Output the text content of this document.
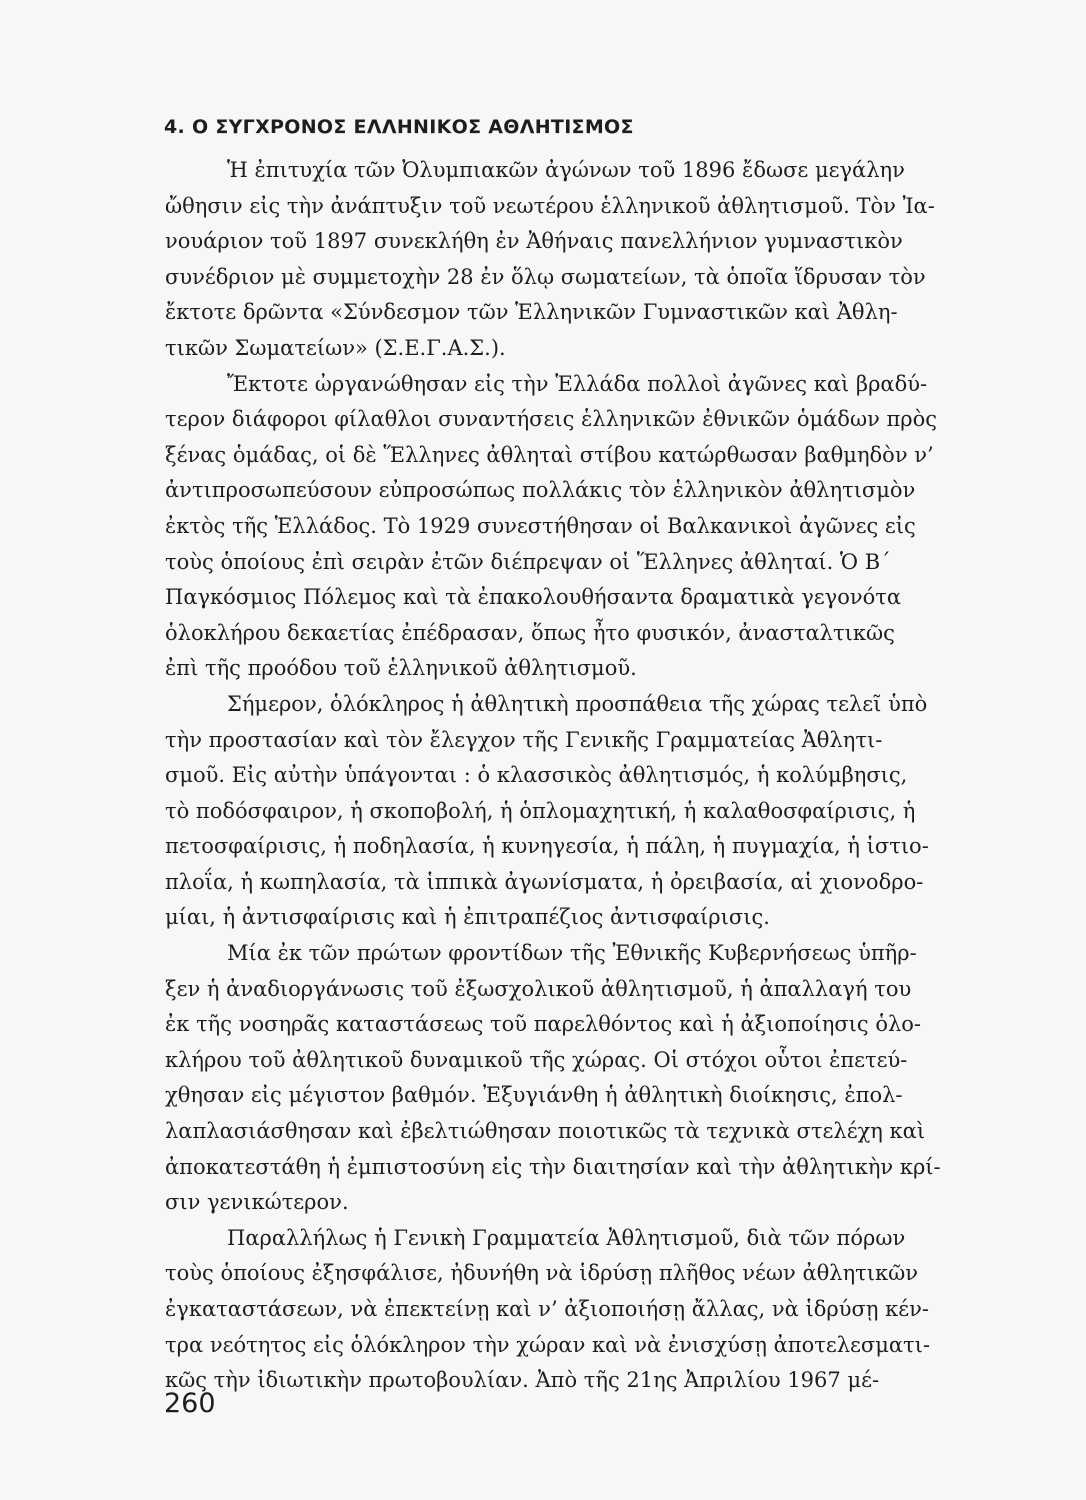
4. Ο ΣΥΓΧΡΟΝΟΣ ΕΛΛΗΝΙΚΟΣ ΑΘΛΗΤΙΣΜΟΣ
Ἡ ἐπιτυχία τῶν Ὀλυμπιακῶν ἀγώνων τοῦ 1896 ἔδωσε μεγάλην
ὤθησιν εἰς τὴν ἀνάπτυξιν τοῦ νεωτέρου ἑλληνικοῦ ἀθλητισμοῦ. Τὸν Ἰα-
νουάριον τοῦ 1897 συνεκλήθη ἐν Ἀθήναις πανελλήνιον γυμναστικὸν
συνέδριον μὲ συμμετοχὴν 28 ἐν ὅλῳ σωματείων, τὰ ὁποῖα ἵδρυσαν τὸν
ἔκτοτε δρῶντα «Σύνδεσμον τῶν Ἑλληνικῶν Γυμναστικῶν καὶ Ἀθλη-
τικῶν Σωματείων» (Σ.Ε.Γ.Α.Σ.).
Ἔκτοτε ὠργανώθησαν εἰς τὴν Ἑλλάδα πολλοὶ ἀγῶνες καὶ βραδύ-
τερον διάφοροι φίλαθλοι συναντήσεις ἑλληνικῶν ἐθνικῶν ὁμάδων πρὸς
ξένας ὁμάδας, οἱ δὲ Ἕλληνες ἀθληταὶ στίβου κατώρθωσαν βαθμηδὸν ν’
ἀντιπροσωπεύσουν εὐπροσώπως πολλάκις τὸν ἑλληνικὸν ἀθλητισμὸν
ἐκτὸς τῆς Ἑλλάδος. Τὸ 1929 συνεστήθησαν οἱ Βαλκανικοὶ ἀγῶνες εἰς
τοὺς ὁποίους ἐπὶ σειρὰν ἐτῶν διέπρεψαν οἱ Ἕλληνες ἀθληταί. Ὁ Β΄
Παγκόσμιος Πόλεμος καὶ τὰ ἐπακολουθήσαντα δραματικὰ γεγονότα
ὁλοκλήρου δεκαετίας ἐπέδρασαν, ὅπως ἦτο φυσικόν, ἀνασταλτικῶς
ἐπὶ τῆς προόδου τοῦ ἑλληνικοῦ ἀθλητισμοῦ.
Σήμερον, ὁλόκληρος ἡ ἀθλητικὴ προσπάθεια τῆς χώρας τελεῖ ὑπὸ
τὴν προστασίαν καὶ τὸν ἔλεγχον τῆς Γενικῆς Γραμματείας Ἀθλητι-
σμοῦ. Εἰς αὐτὴν ὑπάγονται : ὁ κλασσικὸς ἀθλητισμός, ἡ κολύμβησις,
τὸ ποδόσφαιρον, ἡ σκοποβολή, ἡ ὁπλομαχητική, ἡ καλαθοσφαίρισις, ἡ
πετοσφαίρισις, ἡ ποδηλασία, ἡ κυνηγεσία, ἡ πάλη, ἡ πυγμαχία, ἡ ἱστιο-
πλοΐα, ἡ κωπηλασία, τὰ ἱππικὰ ἀγωνίσματα, ἡ ὀρειβασία, αἱ χιονοδρο-
μίαι, ἡ ἀντισφαίρισις καὶ ἡ ἐπιτραπέζιος ἀντισφαίρισις.
Μία ἐκ τῶν πρώτων φροντίδων τῆς Ἐθνικῆς Κυβερνήσεως ὑπῆρ-
ξεν ἡ ἀναδιοργάνωσις τοῦ ἐξωσχολικοῦ ἀθλητισμοῦ, ἡ ἀπαλλαγή του
ἐκ τῆς νοσηρᾶς καταστάσεως τοῦ παρελθόντος καὶ ἡ ἀξιοποίησις ὁλο-
κλήρου τοῦ ἀθλητικοῦ δυναμικοῦ τῆς χώρας. Οἱ στόχοι οὗτοι ἐπετεύ-
χθησαν εἰς μέγιστον βαθμόν. Ἐξυγιάνθη ἡ ἀθλητικὴ διοίκησις, ἐπολ-
λαπλασιάσθησαν καὶ ἐβελτιώθησαν ποιοτικῶς τὰ τεχνικὰ στελέχη καὶ
ἀποκατεστάθη ἡ ἐμπιστοσύνη εἰς τὴν διαιτησίαν καὶ τὴν ἀθλητικὴν κρί-
σιν γενικώτερον.
Παραλλήλως ἡ Γενικὴ Γραμματεία Ἀθλητισμοῦ, διὰ τῶν πόρων
τοὺς ὁποίους ἐξησφάλισε, ἠδυνήθη νὰ ἱδρύσῃ πλῆθος νέων ἀθλητικῶν
ἐγκαταστάσεων, νὰ ἐπεκτείνῃ καὶ ν’ ἀξιοποιήσῃ ἄλλας, νὰ ἱδρύσῃ κέν-
τρα νεότητος εἰς ὁλόκληρον τὴν χώραν καὶ νὰ ἐνισχύσῃ ἀποτελεσματι-
κῶς τὴν ἰδιωτικὴν πρωτοβουλίαν. Ἀπὸ τῆς 21ης Ἀπριλίου 1967 μέ-
260
